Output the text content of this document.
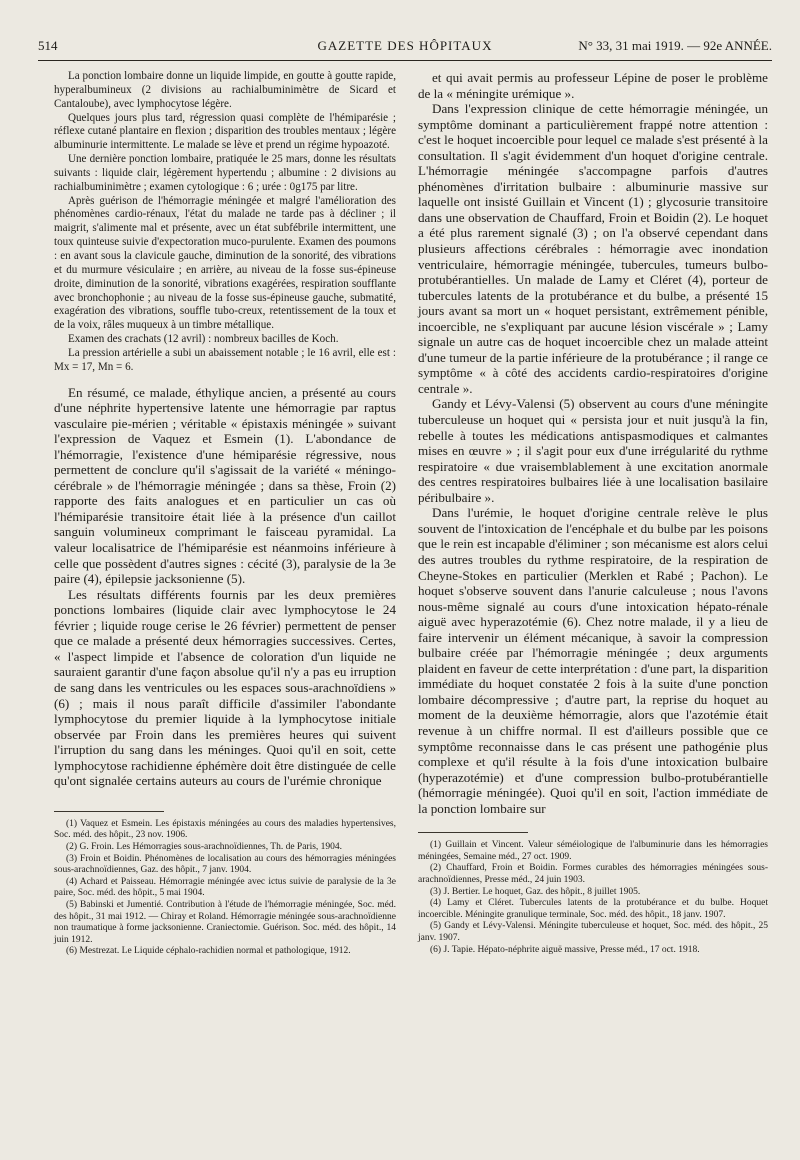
514	GAZETTE DES HÔPITAUX	N° 33, 31 mai 1919. — 92e ANNÉE.

La ponction lombaire donne un liquide limpide, en goutte à goutte rapide, hyperalbumineux (2 divisions au rachialbuminimètre de Sicard et Cantaloube), avec lymphocytose légère.

Quelques jours plus tard, régression quasi complète de l'hémiparésie ; réflexe cutané plantaire en flexion ; disparition des troubles mentaux ; légère albuminurie intermittente. Le malade se lève et prend un régime hypoazoté.

Une dernière ponction lombaire, pratiquée le 25 mars, donne les résultats suivants : liquide clair, légèrement hypertendu ; albumine : 2 divisions au rachialbuminimètre ; examen cytologique : 6 ; urée : 0g175 par litre.

Après guérison de l'hémorragie méningée et malgré l'amélioration des phénomènes cardio-rénaux, l'état du malade ne tarde pas à décliner ; il maigrit, s'alimente mal et présente, avec un état subfébrile intermittent, une toux quinteuse suivie d'expectoration muco-purulente. Examen des poumons : en avant sous la clavicule gauche, diminution de la sonorité, des vibrations et du murmure vésiculaire ; en arrière, au niveau de la fosse sus-épineuse droite, diminution de la sonorité, vibrations exagérées, respiration soufflante avec bronchophonie ; au niveau de la fosse sus-épineuse gauche, submatité, exagération des vibrations, souffle tubo-creux, retentissement de la toux et de la voix, râles muqueux à un timbre métallique.

Examen des crachats (12 avril) : nombreux bacilles de Koch.

La pression artérielle a subi un abaissement notable ; le 16 avril, elle est : Mx = 17, Mn = 6.

En résumé, ce malade, éthylique ancien, a présenté au cours d'une néphrite hypertensive latente une hémorragie par raptus vasculaire pie-mérien ; véritable « épistaxis méningée » suivant l'expression de Vaquez et Esmein (1). L'abondance de l'hémorragie, l'existence d'une hémiparésie régressive, nous permettent de conclure qu'il s'agissait de la variété « méningo-cérébrale » de l'hémorragie méningée ; dans sa thèse, Froin (2) rapporte des faits analogues et en particulier un cas où l'hémiparésie transitoire était liée à la présence d'un caillot sanguin volumineux comprimant le faisceau pyramidal. La valeur localisatrice de l'hémiparésie est néanmoins inférieure à celle que possèdent d'autres signes : cécité (3), paralysie de la 3e paire (4), épilepsie jacksonienne (5).

Les résultats différents fournis par les deux premières ponctions lombaires (liquide clair avec lymphocytose le 24 février ; liquide rouge cerise le 26 février) permettent de penser que ce malade a présenté deux hémorragies successives. Certes, « l'aspect limpide et l'absence de coloration d'un liquide ne sauraient garantir d'une façon absolue qu'il n'y a pas eu irruption de sang dans les ventricules ou les espaces sous-arachnoïdiens » (6) ; mais il nous paraît difficile d'assimiler l'abondante lymphocytose du premier liquide à la lymphocytose initiale observée par Froin dans les premières heures qui suivent l'irruption du sang dans les méninges. Quoi qu'il en soit, cette lymphocytose rachidienne éphémère doit être distinguée de celle qu'ont signalée certains auteurs au cours de l'urémie chronique

(1) Vaquez et Esmein. Les épistaxis méningées au cours des maladies hypertensives, Soc. méd. des hôpit., 23 nov. 1906.

(2) G. Froin. Les Hémorragies sous-arachnoïdiennes, Th. de Paris, 1904.

(3) Froin et Boidin. Phénomènes de localisation au cours des hémorragies méningées sous-arachnoïdiennes, Gaz. des hôpit., 7 janv. 1904.

(4) Achard et Paisseau. Hémorragie méningée avec ictus suivie de paralysie de la 3e paire, Soc. méd. des hôpit., 5 mai 1904.

(5) Babinski et Jumentié. Contribution à l'étude de l'hémorragie méningée, Soc. méd. des hôpit., 31 mai 1912. — Chiray et Roland. Hémorragie méningée sous-arachnoïdienne non traumatique à forme jacksonienne. Craniectomie. Guérison. Soc. méd. des hôpit., 14 juin 1912.

(6) Mestrezat. Le Liquide céphalo-rachidien normal et pathologique, 1912.

et qui avait permis au professeur Lépine de poser le problème de la « méningite urémique ».

Dans l'expression clinique de cette hémorragie méningée, un symptôme dominant a particulièrement frappé notre attention : c'est le hoquet incoercible pour lequel ce malade s'est présenté à la consultation. Il s'agit évidemment d'un hoquet d'origine centrale. L'hémorragie méningée s'accompagne parfois d'autres phénomènes d'irritation bulbaire : albuminurie massive sur laquelle ont insisté Guillain et Vincent (1) ; glycosurie transitoire dans une observation de Chauffard, Froin et Boidin (2). Le hoquet a été plus rarement signalé (3) ; on l'a observé cependant dans plusieurs affections cérébrales : hémorragie avec inondation ventriculaire, hémorragie méningée, tubercules, tumeurs bulbo-protubérantielles. Un malade de Lamy et Cléret (4), porteur de tubercules latents de la protubérance et du bulbe, a présenté 15 jours avant sa mort un « hoquet persistant, extrêmement pénible, incoercible, ne s'expliquant par aucune lésion viscérale » ; Lamy signale un autre cas de hoquet incoercible chez un malade atteint d'une tumeur de la partie inférieure de la protubérance ; il range ce symptôme « à côté des accidents cardio-respiratoires d'origine centrale ».

Gandy et Lévy-Valensi (5) observent au cours d'une méningite tuberculeuse un hoquet qui « persista jour et nuit jusqu'à la fin, rebelle à toutes les médications antispasmodiques et calmantes mises en œuvre » ; il s'agit pour eux d'une irrégularité du rythme respiratoire « due vraisemblablement à une excitation anormale des centres respiratoires bulbaires liée à une localisation basilaire péribulbaire ».

Dans l'urémie, le hoquet d'origine centrale relève le plus souvent de l'intoxication de l'encéphale et du bulbe par les poisons que le rein est incapable d'éliminer ; son mécanisme est alors celui des autres troubles du rythme respiratoire, de la respiration de Cheyne-Stokes en particulier (Merklen et Rabé ; Pachon). Le hoquet s'observe souvent dans l'anurie calculeuse ; nous l'avons nous-même signalé au cours d'une intoxication hépato-rénale aiguë avec hyperazotémie (6). Chez notre malade, il y a lieu de faire intervenir un élément mécanique, à savoir la compression bulbaire créée par l'hémorragie méningée ; deux arguments plaident en faveur de cette interprétation : d'une part, la disparition immédiate du hoquet constatée 2 fois à la suite d'une ponction lombaire décompressive ; d'autre part, la reprise du hoquet au moment de la deuxième hémorragie, alors que l'azotémie était revenue à un chiffre normal. Il est d'ailleurs possible que ce symptôme reconnaisse dans le cas présent une pathogénie plus complexe et qu'il résulte à la fois d'une intoxication bulbaire (hyperazotémie) et d'une compression bulbo-protubérantielle (hémorragie méningée). Quoi qu'il en soit, l'action immédiate de la ponction lombaire sur

(1) Guillain et Vincent. Valeur séméiologique de l'albuminurie dans les hémorragies méningées, Semaine méd., 27 oct. 1909.

(2) Chauffard, Froin et Boidin. Formes curables des hémorragies méningées sous-arachnoïdiennes, Presse méd., 24 juin 1903.

(3) J. Bertier. Le hoquet, Gaz. des hôpit., 8 juillet 1905.

(4) Lamy et Cléret. Tubercules latents de la protubérance et du bulbe. Hoquet incoercible. Méningite granulique terminale, Soc. méd. des hôpit., 18 janv. 1907.

(5) Gandy et Lévy-Valensi. Méningite tuberculeuse et hoquet, Soc. méd. des hôpit., 25 janv. 1907.

(6) J. Tapie. Hépato-néphrite aiguë massive, Presse méd., 17 oct. 1918.
